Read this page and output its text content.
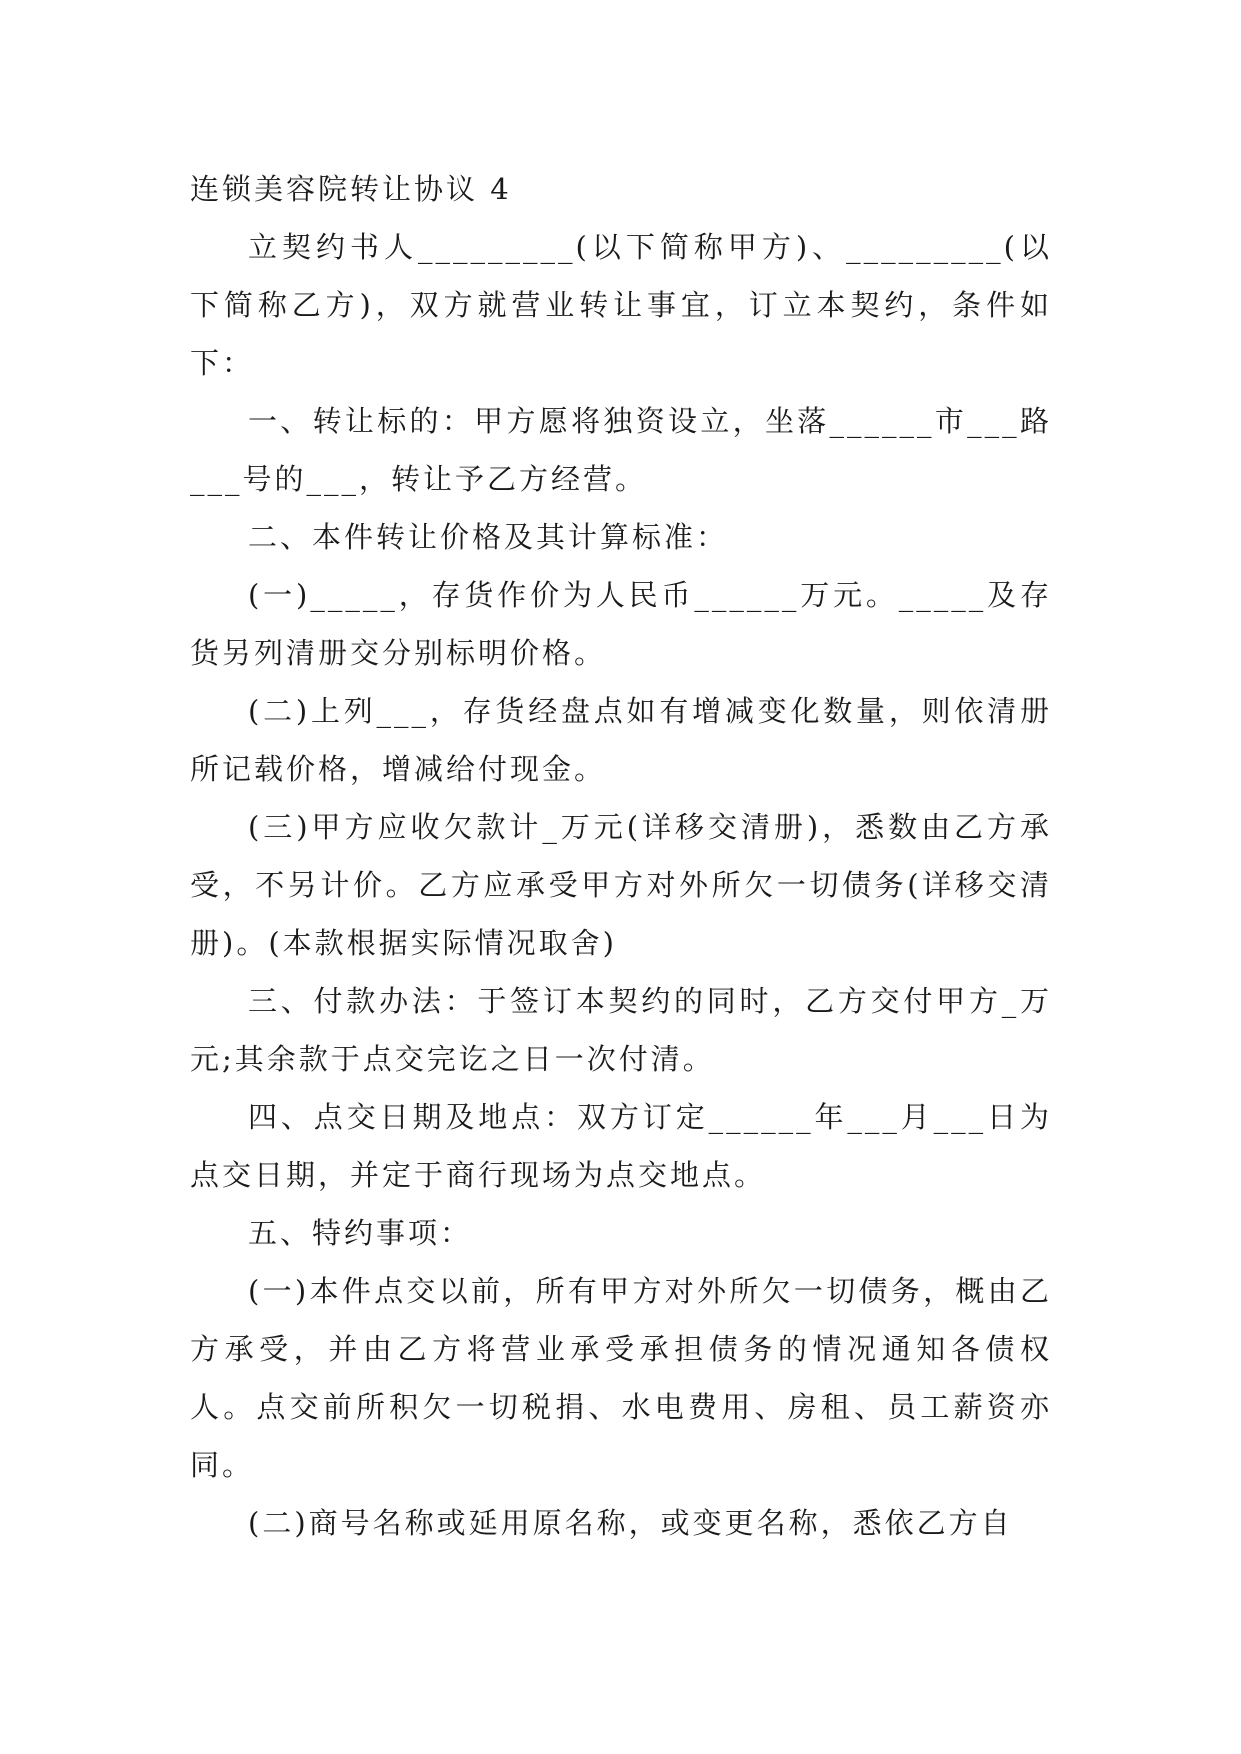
连锁美容院转让协议 4

立契约书人_________(以下简称甲方)、_________(以下简称乙方)，双方就营业转让事宜，订立本契约，条件如下：

一、转让标的：甲方愿将独资设立，坐落______市___路___号的___，转让予乙方经营。

二、本件转让价格及其计算标准：

(一)_____，存货作价为人民币______万元。_____及存货另列清册交分别标明价格。

(二)上列___，存货经盘点如有增减变化数量，则依清册所记载价格，增减给付现金。

(三)甲方应收欠款计_万元(详移交清册)，悉数由乙方承受，不另计价。乙方应承受甲方对外所欠一切债务(详移交清册)。(本款根据实际情况取舍)

三、付款办法：于签订本契约的同时，乙方交付甲方_万元;其余款于点交完讫之日一次付清。

四、点交日期及地点：双方订定______年___月___日为点交日期，并定于商行现场为点交地点。

五、特约事项：

(一)本件点交以前，所有甲方对外所欠一切债务，概由乙方承受，并由乙方将营业承受承担债务的情况通知各债权人。点交前所积欠一切税捐、水电费用、房租、员工薪资亦同。

(二)商号名称或延用原名称，或变更名称，悉依乙方自
